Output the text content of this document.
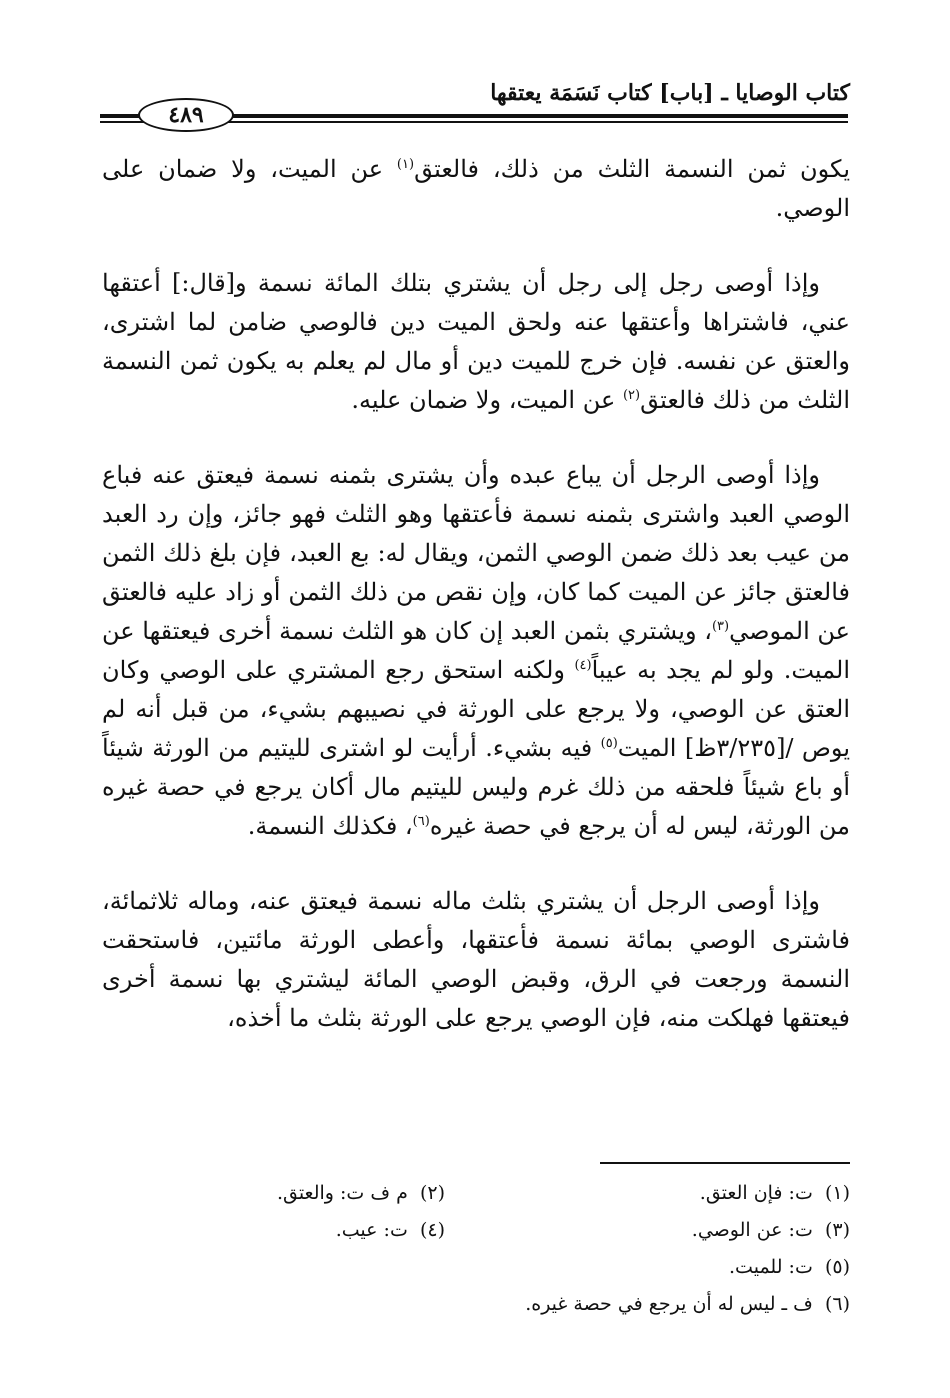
كتاب الوصايا ـ [باب] كتاب نَسَمَة يعتقها
٤٨٩

يكون ثمن النسمة الثلث من ذلك، فالعتق$^{(١)}$ عن الميت، ولا ضمان على الوصي.

وإذا أوصى رجل إلى رجل أن يشتري بتلك المائة نسمة و[قال:] أعتقها عني، فاشتراها وأعتقها عنه ولحق الميت دين فالوصي ضامن لما اشترى، والعتق عن نفسه. فإن خرج للميت دين أو مال لم يعلم به يكون ثمن النسمة الثلث من ذلك فالعتق$^{(٢)}$ عن الميت، ولا ضمان عليه.

وإذا أوصى الرجل أن يباع عبده وأن يشترى بثمنه نسمة فيعتق عنه فباع الوصي العبد واشترى بثمنه نسمة فأعتقها وهو الثلث فهو جائز، وإن رد العبد من عيب بعد ذلك ضمن الوصي الثمن، ويقال له: بع العبد، فإن بلغ ذلك الثمن فالعتق جائز عن الميت كما كان، وإن نقص من ذلك الثمن أو زاد عليه فالعتق عن الموصي$^{(٣)}$، ويشتري بثمن العبد إن كان هو الثلث نسمة أخرى فيعتقها عن الميت. ولو لم يجد به عيباً$^{(٤)}$ ولكنه استحق رجع المشتري على الوصي وكان العتق عن الوصي، ولا يرجع على الورثة في نصيبهم بشيء، من قبل أنه لم يوص /[٣/٢٣٥ظ] الميت$^{(٥)}$ فيه بشيء. أرأيت لو اشترى لليتيم من الورثة شيئاً أو باع شيئاً فلحقه من ذلك غرم وليس لليتيم مال أكان يرجع في حصة غيره من الورثة، ليس له أن يرجع في حصة غيره$^{(٦)}$، فكذلك النسمة.

وإذا أوصى الرجل أن يشتري بثلث ماله نسمة فيعتق عنه، وماله ثلاثمائة، فاشترى الوصي بمائة نسمة فأعتقها، وأعطى الورثة مائتين، فاستحقت النسمة ورجعت في الرق، وقبض الوصي المائة ليشتري بها نسمة أخرى فيعتقها فهلكت منه، فإن الوصي يرجع على الورثة بثلث ما أخذه،

(١)  ت: فإن العتق.
(٢)  م ف ت: والعتق.
(٣)  ت: عن الوصي.
(٤)  ت: عيب.
(٥)  ت: للميت.
(٦)  ف ـ ليس له أن يرجع في حصة غيره.
